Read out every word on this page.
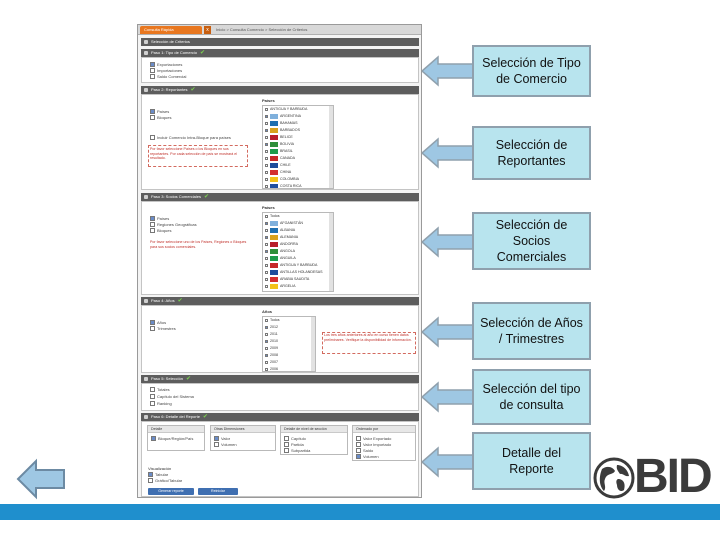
Consulta Rápida	x	Inicio > Consulta Comercio > Selección de Criterios
Selección de Criterios
Paso 1: Tipo de Comercio ✔
Exportaciones
Importaciones
Saldo Comercial
Paso 2: Reportantes ✔
Países
Bloques
Incluir Comercio Intra-Bloque para países
Por favor seleccione Países o los Bloques en sus reportantes. Por cada selección de país se mostrará el resultado.
Países
ANTIGUA Y BARBUDA
ARGENTINA
BAHAMAS
BARBADOS
BELICE
BOLIVIA
BRASIL
CANADA
CHILE
CHINA
COLOMBIA
COSTA RICA
Paso 3: Socios Comerciales ✔
Países
Regiones Geográficas
Bloques
Por favor seleccione uno de los Países, Regiones o Bloques para sus socios comerciales.
Países
Todos
AFGANISTÁN
ALBANIA
ALEMANIA
ANDORRA
ANGOLA
ANGUILA
ANTIGUA Y BARBUDA
ANTILLAS HOLANDESAS
ARABIA SAUDITA
ARGELIA
Paso 4: Años ✔
Años
Trimestres
Años
Todos
2012
2011
2010
2009
2008
2007
2006
Los tres años anteriores al año en curso tienen datos preliminares. Verifique la disponibilidad de información.
Paso 5: Selección ✔
Totales
Capítulo del Sistema
Ranking
Paso 6: Detalle del Reporte ✔
Detalle
Bloque/Región/País
Otras Dimensiones
Valor
Volumen
Detalle de nivel de sección
Capítulo
Partida
Subpartida
Ordenado por
Valor Exportado
Valor Importado
Saldo
Volumen
Visualización
Tabular
Gráfico/Tabular
Generar reporte	Reiniciar
Selección de Tipo de Comercio
Selección de Reportantes
Selección de Socios Comerciales
Selección de Años / Trimestres
Selección del tipo de consulta
Detalle del Reporte	BID
